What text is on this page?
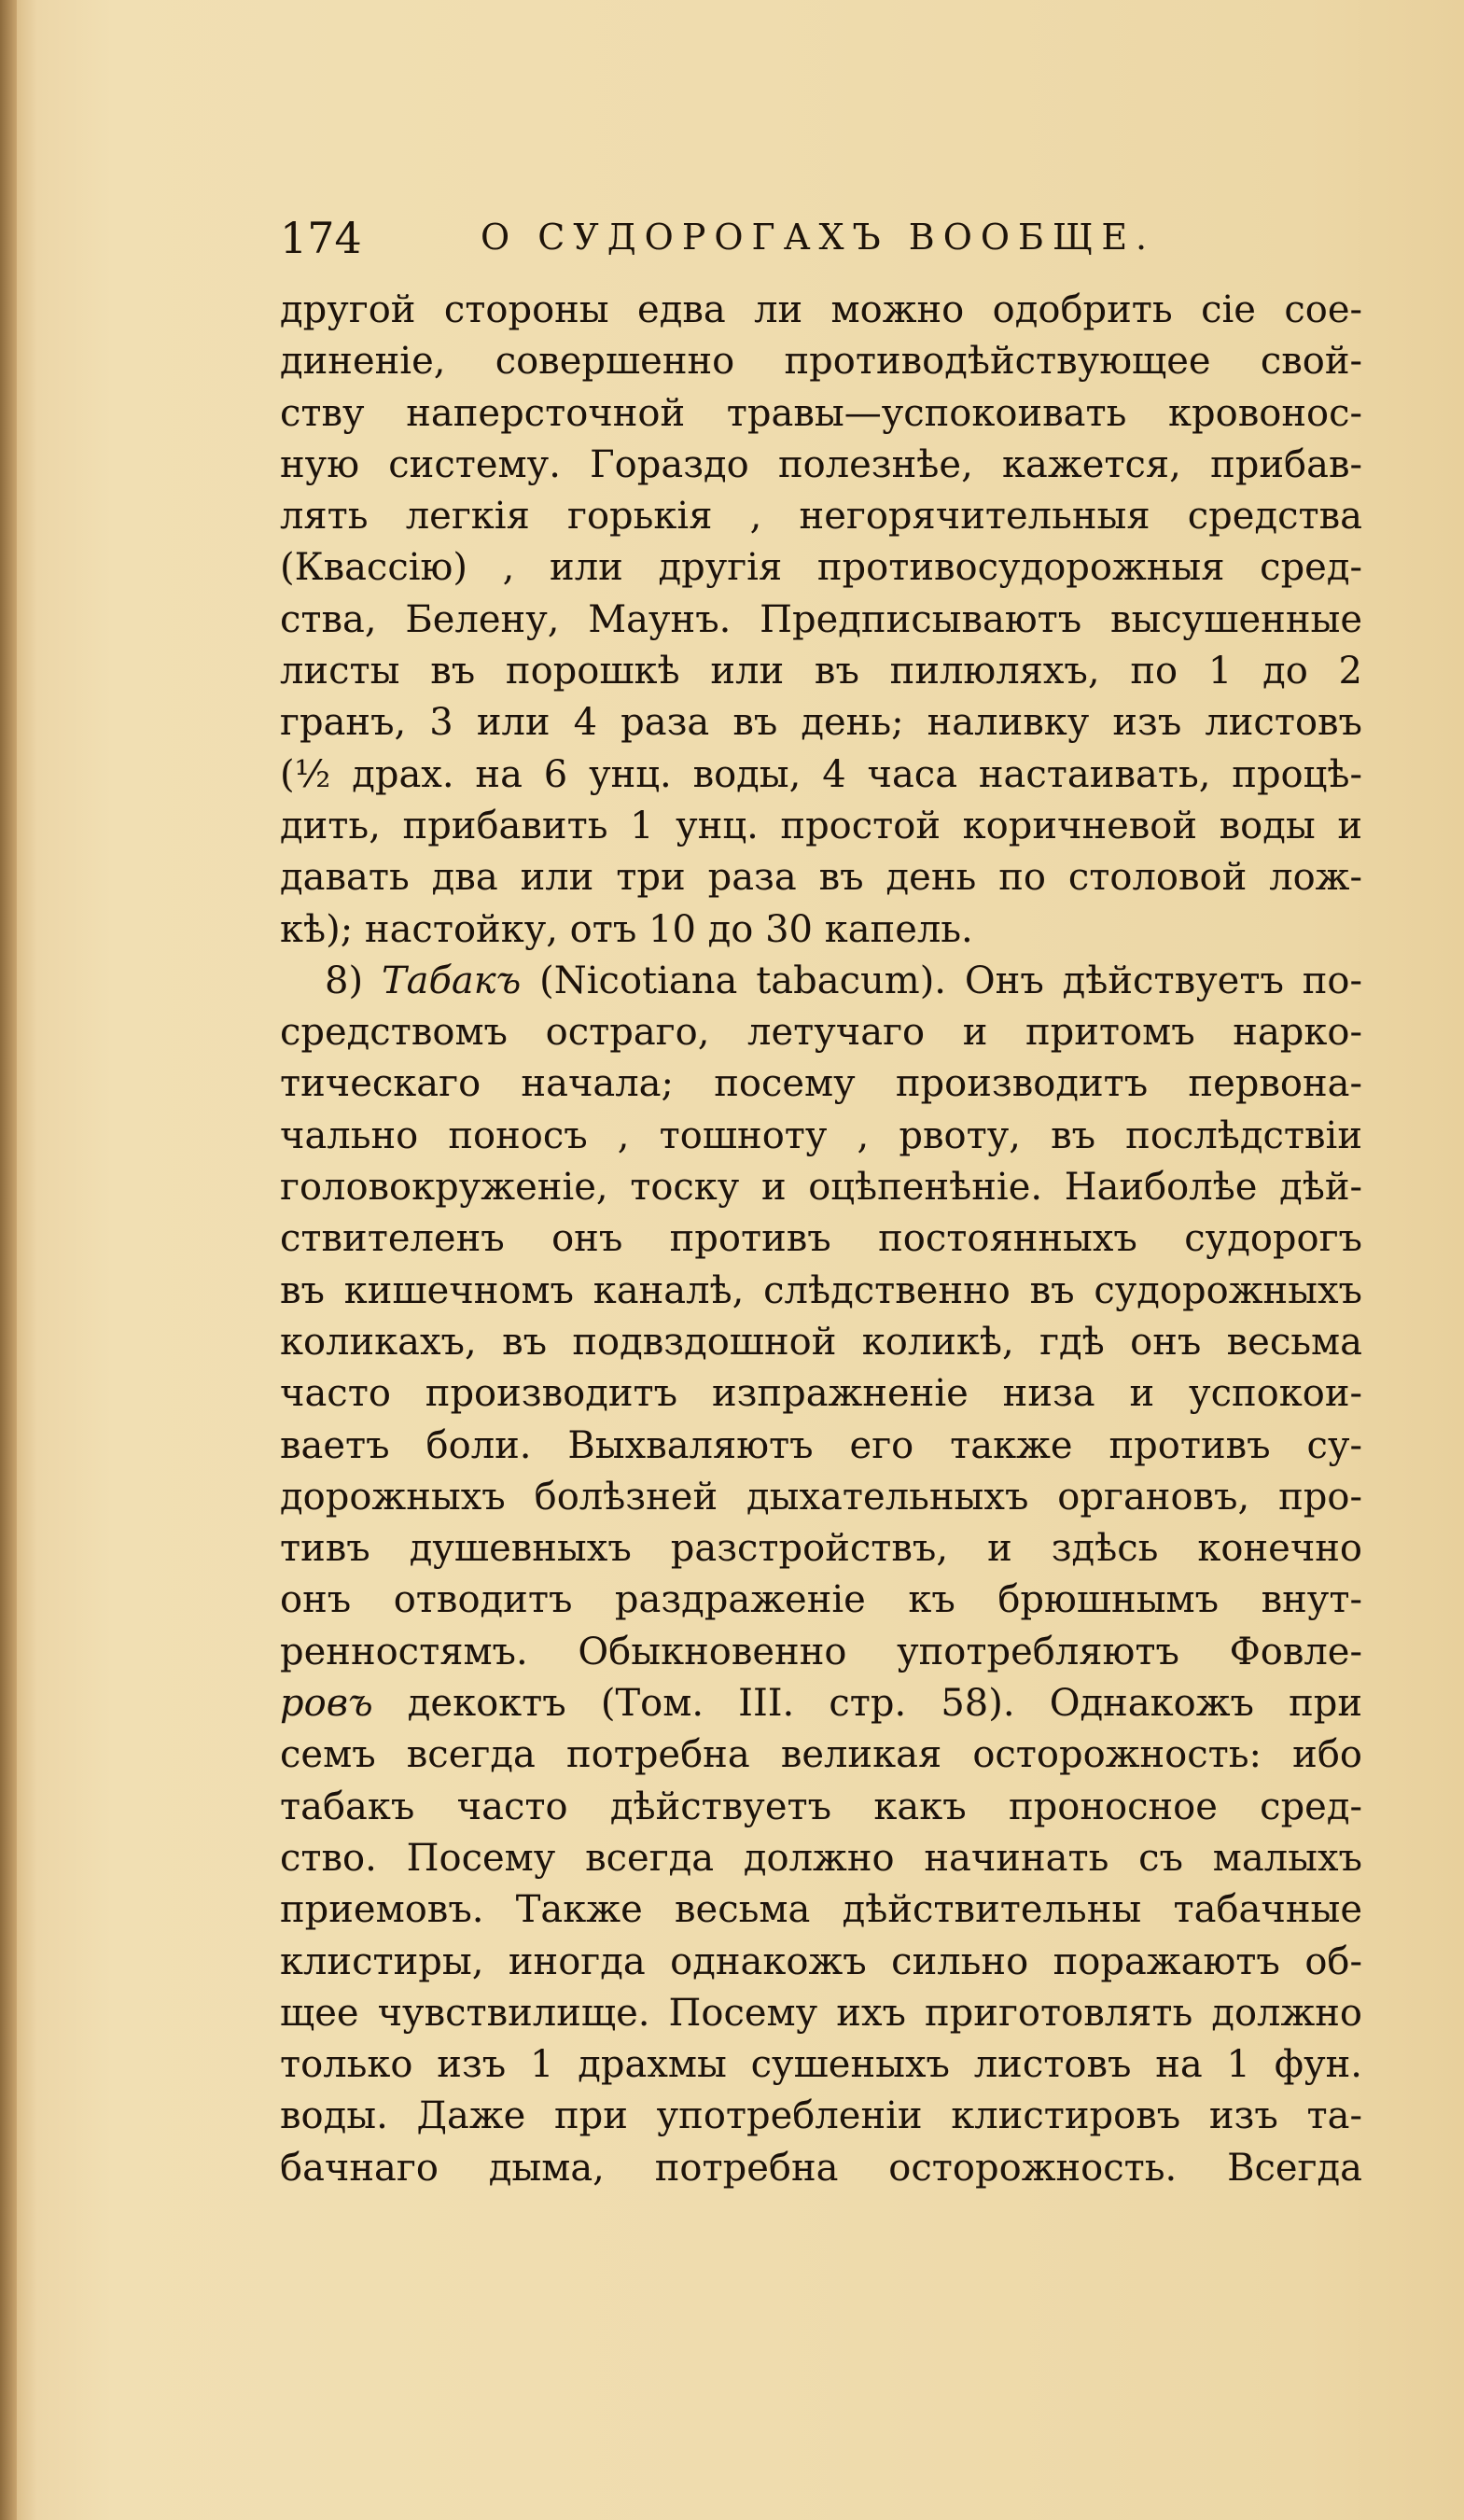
174	О СУДОРОГАХЪ ВООБЩЕ.
другой стороны едва ли можно одобрить сіе соe-
диненіе, совершенно противодѣйствующее свой-
ству наперсточной травы—успокоивать кровонос-
ную систему. Гораздо полезнѣе, кажется, прибав-
лять легкія горькія , негорячительныя средства
(Квассію) , или другія противосудорожныя сред-
ства, Белену, Маунъ. Предписываютъ высушенные
листы въ порошкѣ или въ пилюляхъ, по 1 до 2
гранъ, 3 или 4 раза въ день; наливку изъ листовъ
(½ драх. на 6 унц. воды, 4 часа настаивать, процѣ-
дить, прибавить 1 унц. простой коричневой воды и
давать два или три раза въ день по столовой лож-
кѣ); настойку, отъ 10 до 30 капель.
8) Табакъ (Nicotiana tabacum). Онъ дѣйствуетъ по-
средствомъ остраго, летучаго и притомъ нарко-
тическаго начала; посему производитъ первона-
чально поносъ , тошноту , рвоту, въ послѣдствіи
головокруженіе, тоску и оцѣпенѣніе. Наиболѣе дѣй-
ствителенъ онъ противъ постоянныхъ судорогъ
въ кишечномъ каналѣ, слѣдственно въ судорожныхъ
коликахъ, въ подвздошной коликѣ, гдѣ онъ весьма
часто производитъ изпражненіе низа и успокои-
ваетъ боли. Выхваляютъ его также противъ су-
дорожныхъ болѣзней дыхательныхъ органовъ, про-
тивъ душевныхъ разстройствъ, и здѣсь конечно
онъ отводитъ раздраженіе къ брюшнымъ внут-
ренностямъ. Обыкновенно употребляютъ Фовле-
ровъ декоктъ (Том. III. стр. 58). Однакожъ при
семъ всегда потребна великая осторожность: ибо
табакъ часто дѣйствуетъ какъ проносное сред-
ство. Посему всегда должно начинать съ малыхъ
приемовъ. Также весьма дѣйствительны табачные
клистиры, иногда однакожъ сильно поражаютъ об-
щее чувствилище. Посему ихъ приготовлять должно
только изъ 1 драхмы сушеныхъ листовъ на 1 фун.
воды. Даже при употребленіи клистировъ изъ та-
бачнаго дыма, потребна осторожность. Всегда
